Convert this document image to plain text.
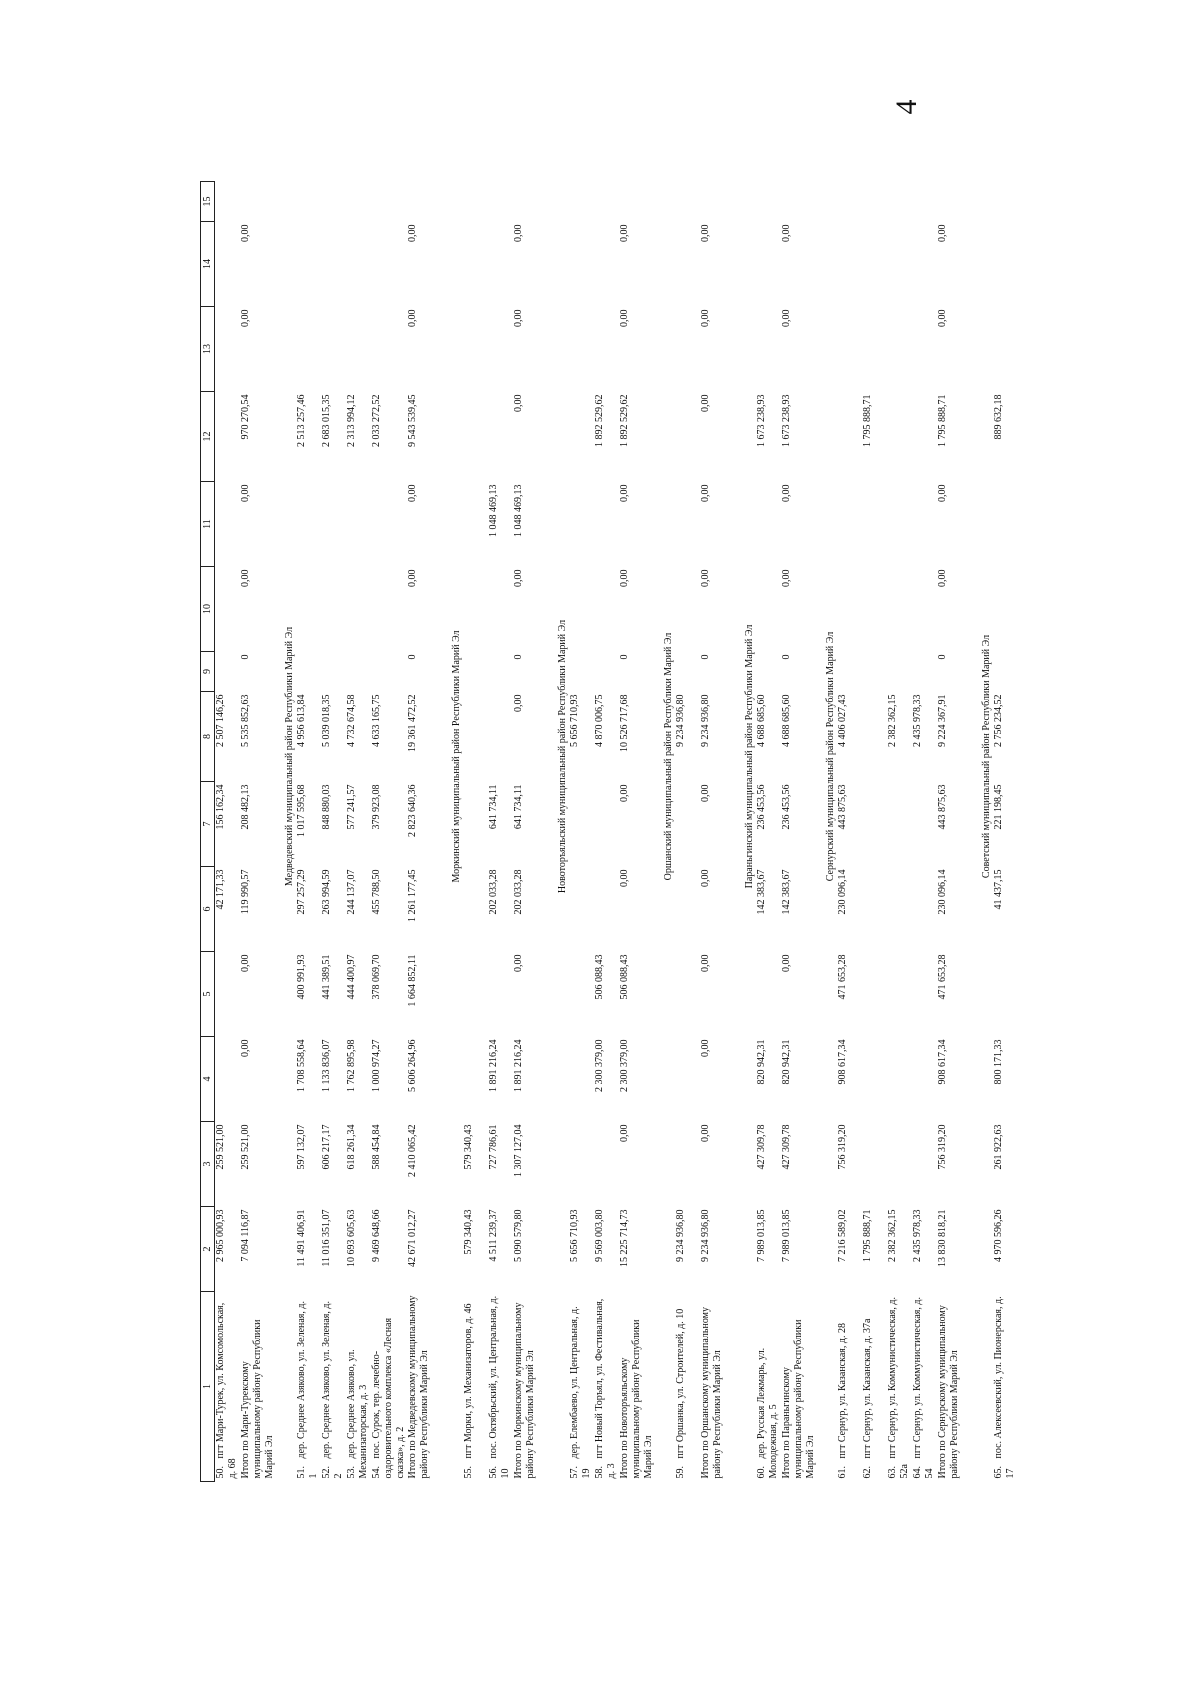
4
1	2	3	4	5	6	7	8	9	10	11	12	13	14	15
50.пгт Мари-Турек, ул. Комсомольская, д. 68	2 965 000,93	259 521,00			42 171,33	156 162,34	2 507 146,26							
Итого по Мари-Турекскому муниципальному району Республики Марий Эл	7 094 116,87	259 521,00	0,00	0,00	119 990,57	208 482,13	5 535 852,63	0	0,00	0,00	970 270,54	0,00	0,00	
	Медведевский муниципальный район Республики Марий Эл													
51.дер. Среднее Азяково, ул. Зеленая, д. 1	11 491 406,91	597 132,07	1 708 558,64	400 991,93	297 257,29	1 017 595,68	4 956 613,84				2 513 257,46			
52.дер. Среднее Азяково, ул. Зеленая, д. 2	11 016 351,07	606 217,17	1 133 836,07	441 389,51	263 994,59	848 880,03	5 039 018,35				2 683 015,35			
53.дер. Среднее Азяково, ул. Механизаторская, д. 3	10 693 605,63	618 261,34	1 762 895,98	444 400,97	244 137,07	577 241,57	4 732 674,58				2 313 994,12			
54.пос. Сурок, тер. лечебно-оздоровительного комплекса «Лесная сказка», д. 2	9 469 648,66	588 454,84	1 000 974,27	378 069,70	455 788,50	379 923,08	4 633 165,75				2 033 272,52			
Итого по Медведевскому муниципальному району Республики Марий Эл	42 671 012,27	2 410 065,42	5 606 264,96	1 664 852,11	1 261 177,45	2 823 640,36	19 361 472,52	0	0,00	0,00	9 543 539,45	0,00	0,00	
	Моркинский муниципальный район Республики Марий Эл													
55.пгт Морки, ул. Механизаторов, д. 46	579 340,43	579 340,43												
56.пос. Октябрьский, ул. Центральная, д. 10	4 511 239,37	727 786,61	1 891 216,24		202 033,28	641 734,11				1 048 469,13				
Итого по Моркинскому муниципальному району Республики Марий Эл	5 090 579,80	1 307 127,04	1 891 216,24	0,00	202 033,28	641 734,11	0,00	0	0,00	1 048 469,13	0,00	0,00	0,00	
	Новоторъяльский муниципальный район Республики Марий Эл													
57.дер. Елембаево, ул. Центральная, д. 19	5 656 710,93						5 656 710,93							
58.пгт Новый Торъял, ул. Фестивальная, д. 3	9 569 003,80		2 300 379,00	506 088,43			4 870 006,75				1 892 529,62			
Итого по Новоторъяльскому муниципальному району Республики Марий Эл	15 225 714,73	0,00	2 300 379,00	506 088,43	0,00	0,00	10 526 717,68	0	0,00	0,00	1 892 529,62	0,00	0,00	
	Оршанский муниципальный район Республики Марий Эл													
59.пгт Оршанка, ул. Строителей, д. 10	9 234 936,80						9 234 936,80							
Итого по Оршанскому муниципальному району Республики Марий Эл	9 234 936,80	0,00	0,00	0,00	0,00	0,00	9 234 936,80	0	0,00	0,00	0,00	0,00	0,00	
	Параньгинский муниципальный район Республики Марий Эл													
60.дер. Русская Лежмарь, ул. Молодежная, д. 5	7 989 013,85	427 309,78	820 942,31		142 383,67	236 453,56	4 688 685,60				1 673 238,93			
Итого по Параньгинскому муниципальному району Республики Марий Эл	7 989 013,85	427 309,78	820 942,31	0,00	142 383,67	236 453,56	4 688 685,60	0	0,00	0,00	1 673 238,93	0,00	0,00	
	Сернурский муниципальный район Республики Марий Эл													
61.пгт Сернур, ул. Казанская, д. 28	7 216 589,02	756 319,20	908 617,34	471 653,28	230 096,14	443 875,63	4 406 027,43							
62.пгт Сернур, ул. Казанская, д. 37а	1 795 888,71										1 795 888,71			
63.пгт Сернур, ул. Коммунистическая, д. 52а	2 382 362,15						2 382 362,15							
64.пгт Сернур, ул. Коммунистическая, д. 54	2 435 978,33						2 435 978,33							
Итого по Сернурскому муниципальному району Республики Марий Эл	13 830 818,21	756 319,20	908 617,34	471 653,28	230 096,14	443 875,63	9 224 367,91	0	0,00	0,00	1 795 888,71	0,00	0,00	
	Советский муниципальный район Республики Марий Эл													
65.пос. Алексеевский, ул. Пионерская, д. 17	4 970 596,26	261 922,63	800 171,33		41 437,15	221 198,45	2 756 234,52				889 632,18			
